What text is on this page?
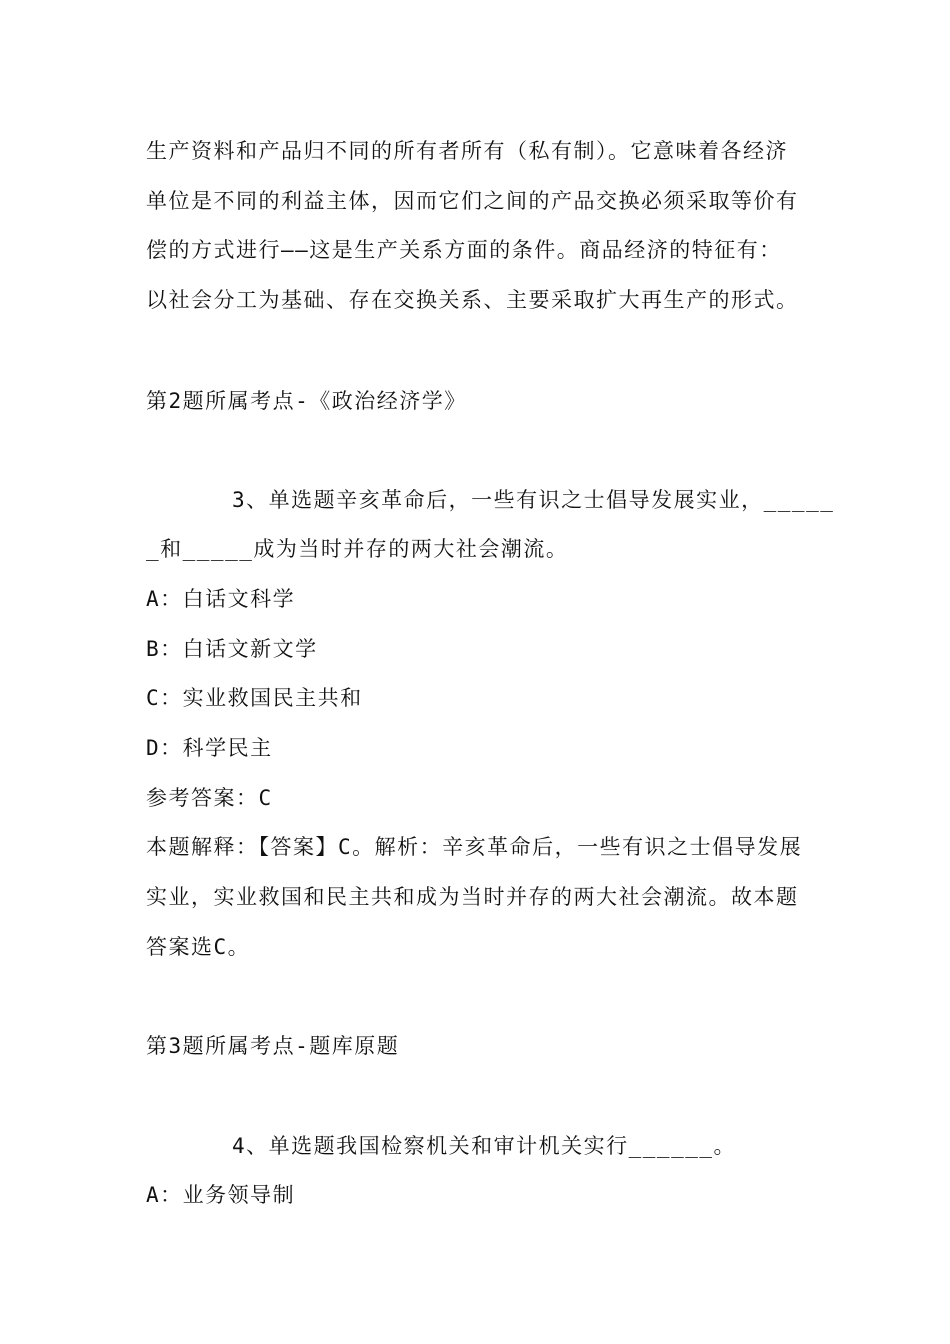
生产资料和产品归不同的所有者所有（私有制）。它意味着各经济
单位是不同的利益主体，因而它们之间的产品交换必须采取等价有
偿的方式进行——这是生产关系方面的条件。商品经济的特征有：
以社会分工为基础、存在交换关系、主要采取扩大再生产的形式。
第2题所属考点-《政治经济学》
3、单选题辛亥革命后，一些有识之士倡导发展实业，_____
_和_____成为当时并存的两大社会潮流。
A：白话文科学
B：白话文新文学
C：实业救国民主共和
D：科学民主
参考答案：C
本题解释：【答案】C。解析：辛亥革命后，一些有识之士倡导发展
实业，实业救国和民主共和成为当时并存的两大社会潮流。故本题
答案选C。
第3题所属考点-题库原题
4、单选题我国检察机关和审计机关实行______。
A：业务领导制
